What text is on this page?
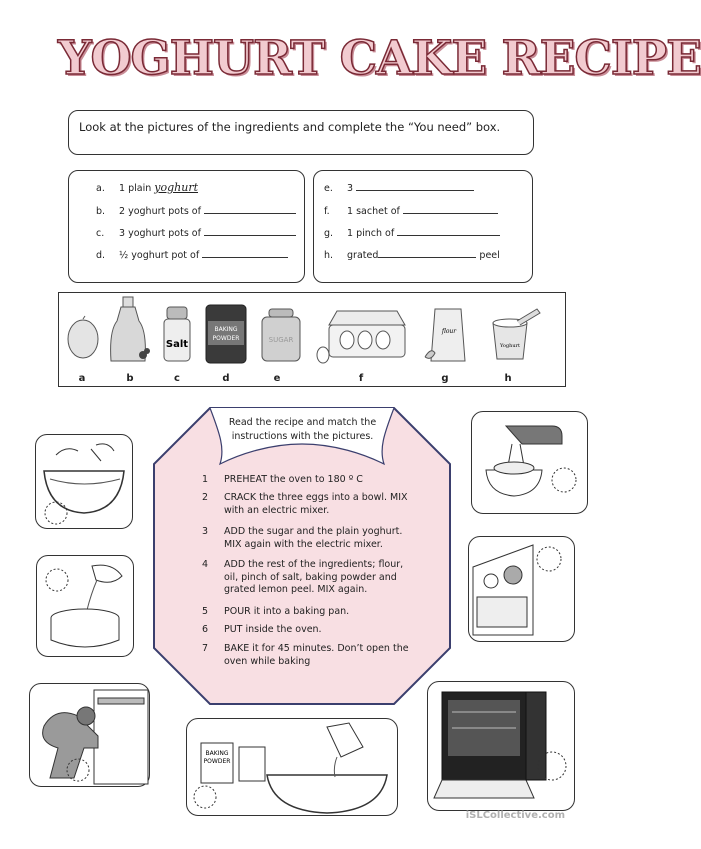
YOGHURT CAKE RECIPE
Look at the pictures of the ingredients and complete the “You need” box.
a. 1 plain yoghurt
b. 2 yoghurt pots of
c. 3 yoghurt pots of
d. ½ yoghurt pot of
e. 3
f. 1 sachet of
g. 1 pinch of
h. grated	peel
Salt
BAKING
POWDER	SUGAR
flour
Yoghurt
a	b	c	d	e	f	g	h
Read the recipe and match the instructions with the pictures.
1	PREHEAT the oven to 180 º C
2	CRACK the three eggs into a bowl. MIX with an electric mixer.
3	ADD the sugar and the plain yoghurt. MIX again with the electric mixer.
4	ADD the rest of the ingredients; flour, oil, pinch of salt, baking powder and grated lemon peel. MIX again.
5	POUR it into a baking pan.
6	PUT inside the oven.
7	BAKE it for 45 minutes. Don’t open the oven while baking
BAKING
POWDER
iSLCollective.com
